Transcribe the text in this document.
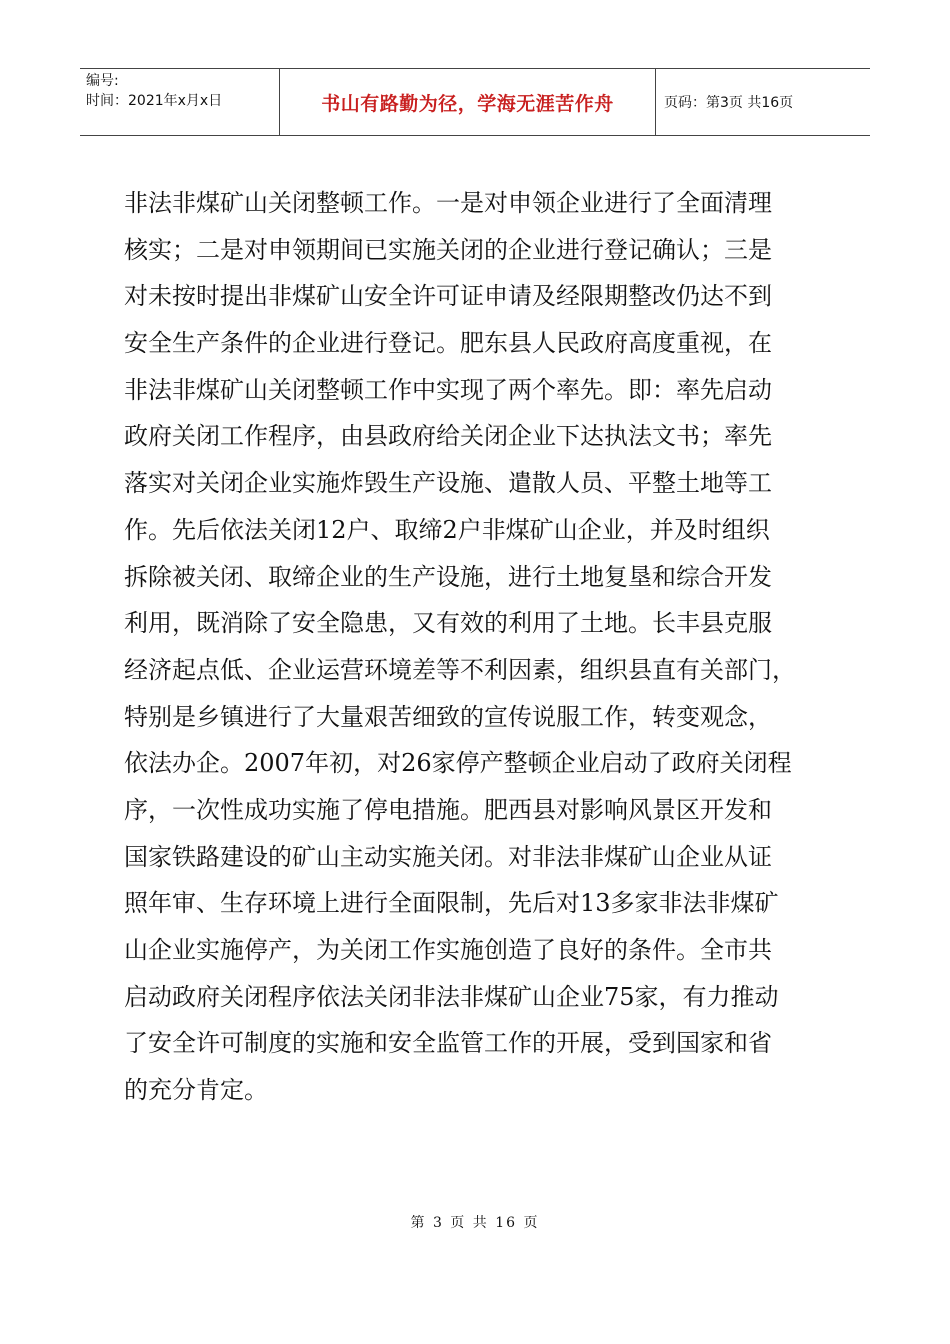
编号:
时间：2021年x月x日	书山有路勤为径，学海无涯苦作舟	页码：第3页 共16页
非法非煤矿山关闭整顿工作。一是对申领企业进行了全面清理
核实；二是对申领期间已实施关闭的企业进行登记确认；三是
对未按时提出非煤矿山安全许可证申请及经限期整改仍达不到
安全生产条件的企业进行登记。肥东县人民政府高度重视，在
非法非煤矿山关闭整顿工作中实现了两个率先。即：率先启动
政府关闭工作程序，由县政府给关闭企业下达执法文书；率先
落实对关闭企业实施炸毁生产设施、遣散人员、平整土地等工
作。先后依法关闭12户、取缔2户非煤矿山企业，并及时组织
拆除被关闭、取缔企业的生产设施，进行土地复垦和综合开发
利用，既消除了安全隐患，又有效的利用了土地。长丰县克服
经济起点低、企业运营环境差等不利因素，组织县直有关部门，
特别是乡镇进行了大量艰苦细致的宣传说服工作，转变观念，
依法办企。2007年初，对26家停产整顿企业启动了政府关闭程
序，一次性成功实施了停电措施。肥西县对影响风景区开发和
国家铁路建设的矿山主动实施关闭。对非法非煤矿山企业从证
照年审、生存环境上进行全面限制，先后对13多家非法非煤矿
山企业实施停产，为关闭工作实施创造了良好的条件。全市共
启动政府关闭程序依法关闭非法非煤矿山企业75家，有力推动
了安全许可制度的实施和安全监管工作的开展，受到国家和省
的充分肯定。
第 3 页 共 16 页
